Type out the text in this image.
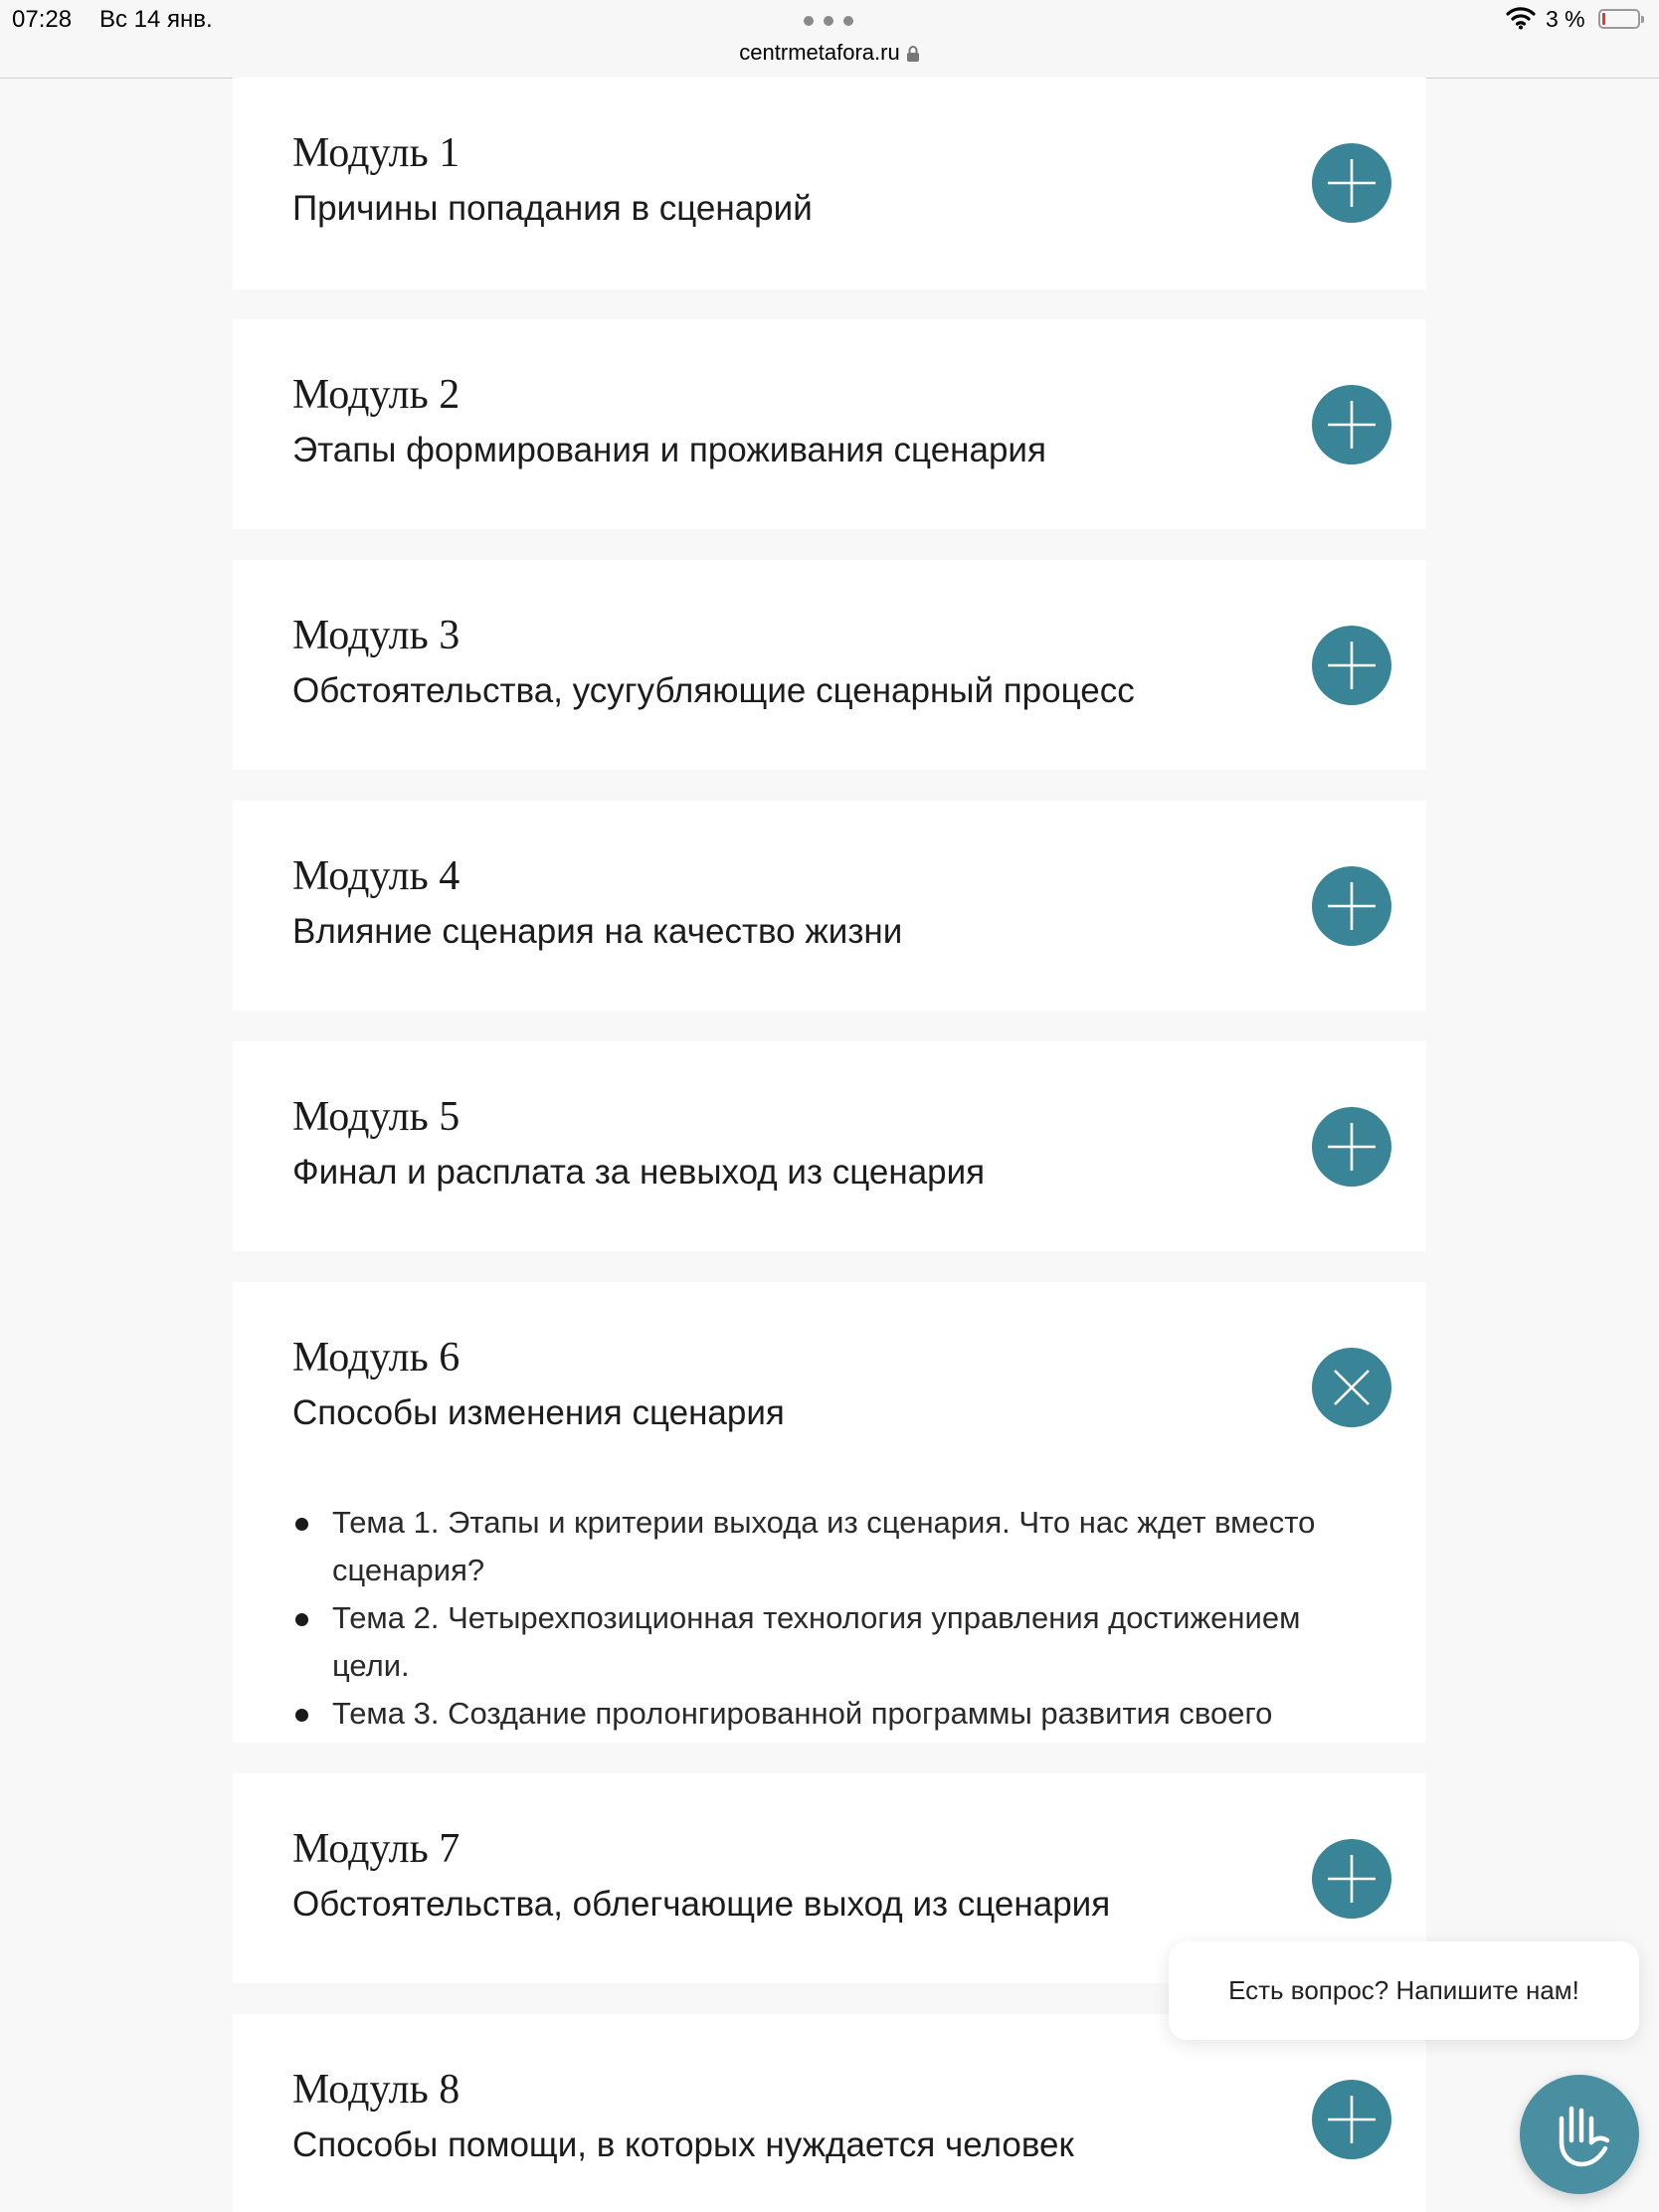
07:28 Вс 14 янв.
centrmetafora.ru
3 %
Модуль 1
Причины попадания в сценарий
Модуль 2
Этапы формирования и проживания сценария
Модуль 3
Обстоятельства, усугубляющие сценарный процесс
Модуль 4
Влияние сценария на качество жизни
Модуль 5
Финал и расплата за невыход из сценария
Модуль 6
Способы изменения сценария
Тема 1. Этапы и критерии выхода из сценария. Что нас ждет вместо сценария?
Тема 2. Четырехпозиционная технология управления достижением цели.
Тема 3. Создание пролонгированной программы развития своего
Модуль 7
Обстоятельства, облегчающие выход из сценария
Модуль 8
Способы помощи, в которых нуждается человек
Есть вопрос? Напишите нам!
